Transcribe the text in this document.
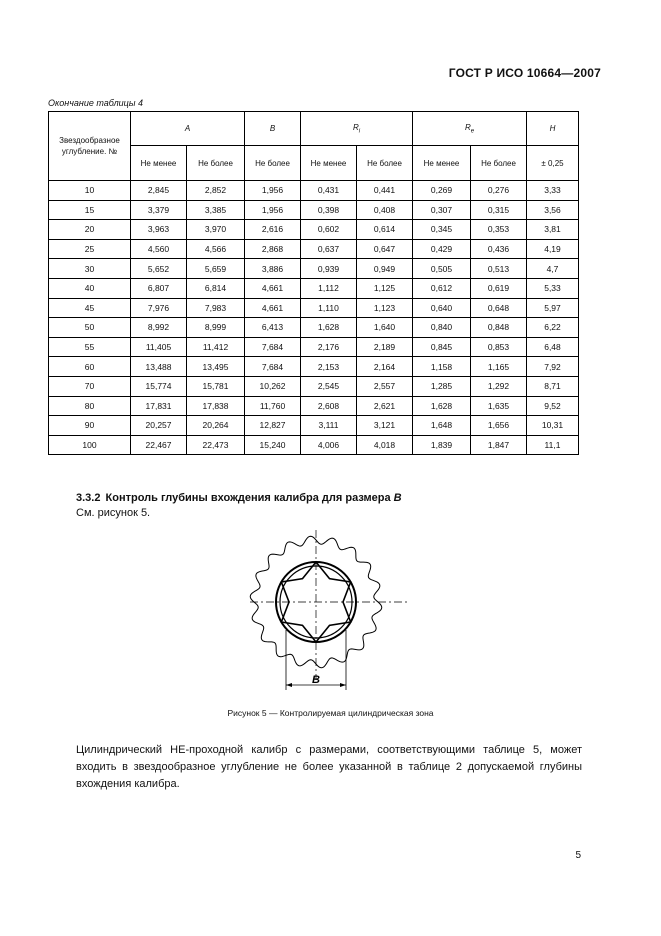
ГОСТ Р ИСО 10664—2007
Окончание таблицы 4
Звездообразное углубление. №	A		B	$R_i$		$R_e$		H
	Не менее	Не более	Не более	Не менее	Не более	Не менее	Не более	± 0,25
10	2,845	2,852	1,956	0,431	0,441	0,269	0,276	3,33
15	3,379	3,385	1,956	0,398	0,408	0,307	0,315	3,56
20	3,963	3,970	2,616	0,602	0,614	0,345	0,353	3,81
25	4,560	4,566	2,868	0,637	0,647	0,429	0,436	4,19
30	5,652	5,659	3,886	0,939	0,949	0,505	0,513	4,7
40	6,807	6,814	4,661	1,112	1,125	0,612	0,619	5,33
45	7,976	7,983	4,661	1,110	1,123	0,640	0,648	5,97
50	8,992	8,999	6,413	1,628	1,640	0,840	0,848	6,22
55	11,405	11,412	7,684	2,176	2,189	0,845	0,853	6,48
60	13,488	13,495	7,684	2,153	2,164	1,158	1,165	7,92
70	15,774	15,781	10,262	2,545	2,557	1,285	1,292	8,71
80	17,831	17,838	11,760	2,608	2,621	1,628	1,635	9,52
90	20,257	20,264	12,827	3,111	3,121	1,648	1,656	10,31
100	22,467	22,473	15,240	4,006	4,018	1,839	1,847	11,1
3.3.2 Контроль глубины вхождения калибра для размера B
См. рисунок 5.
B
Рисунок 5 — Контролируемая цилиндрическая зона
Цилиндрический НЕ-проходной калибр с размерами, соответствующими таблице 5, может входить в звездообразное углубление не более указанной в таблице 2 допускаемой глубины вхождения калибра.
5
